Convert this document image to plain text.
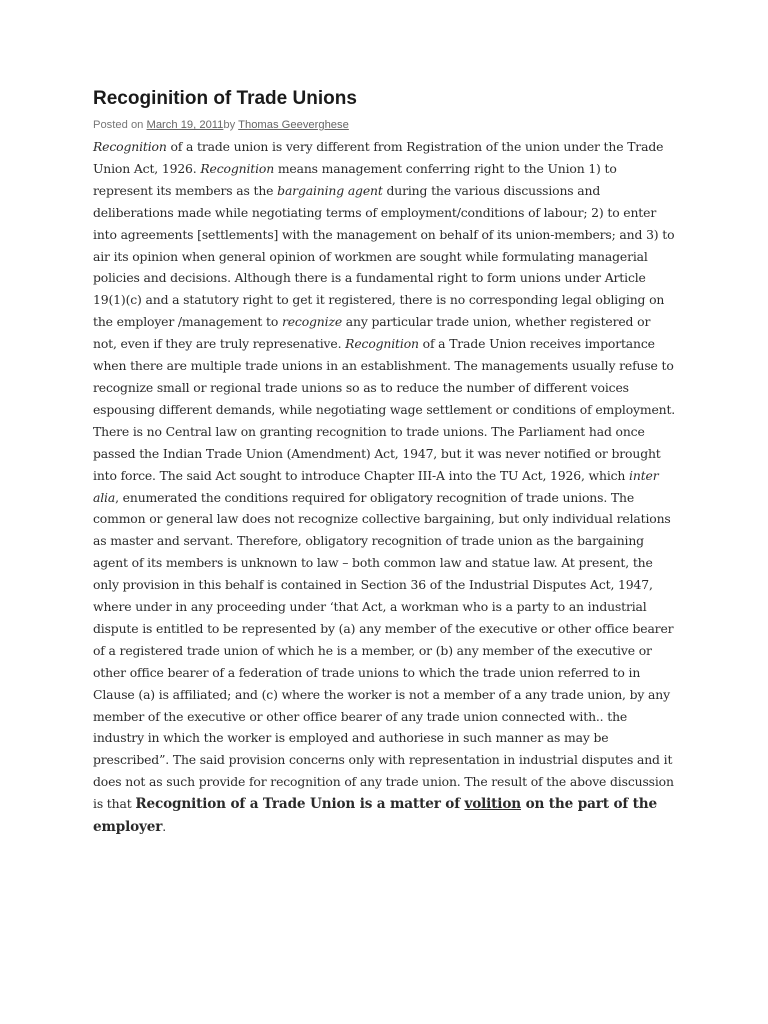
Recoginition of Trade Unions
Posted on March 19, 2011by Thomas Geeverghese

Recognition of a trade union is very different from Registration of the union under the Trade Union Act, 1926. Recognition means management conferring right to the Union 1) to represent its members as the bargaining agent during the various discussions and deliberations made while negotiating terms of employment/conditions of labour; 2) to enter into agreements [settlements] with the management on behalf of its union-members; and 3) to air its opinion when general opinion of workmen are sought while formulating managerial policies and decisions. Although there is a fundamental right to form unions under Article 19(1)(c) and a statutory right to get it registered, there is no corresponding legal obliging on the employer /management to recognize any particular trade union, whether registered or not, even if they are truly represenative. Recognition of a Trade Union receives importance when there are multiple trade unions in an establishment. The managements usually refuse to recognize small or regional trade unions so as to reduce the number of different voices espousing different demands, while negotiating wage settlement or conditions of employment.

There is no Central law on granting recognition to trade unions. The Parliament had once passed the Indian Trade Union (Amendment) Act, 1947, but it was never notified or brought into force. The said Act sought to introduce Chapter III-A into the TU Act, 1926, which inter alia, enumerated the conditions required for obligatory recognition of trade unions. The common or general law does not recognize collective bargaining, but only individual relations as master and servant. Therefore, obligatory recognition of trade union as the bargaining agent of its members is unknown to law – both common law and statue law. At present, the only provision in this behalf is contained in Section 36 of the Industrial Disputes Act, 1947, where under in any proceeding under ‘that Act, a workman who is a party to an industrial dispute is entitled to be represented by (a) any member of the executive or other office bearer of a registered trade union of which he is a member, or (b) any member of the executive or other office bearer of a federation of trade unions to which the trade union referred to in Clause (a) is affiliated; and (c) where the worker is not a member of a any trade union, by any member of the executive or other office bearer of any trade union connected with.. the industry in which the worker is employed and authoriese in such manner as may be prescribed”. The said provision concerns only with representation in industrial disputes and it does not as such provide for recognition of any trade union. The result of the above discussion is that Recognition of a Trade Union is a matter of volition on the part of the employer.
